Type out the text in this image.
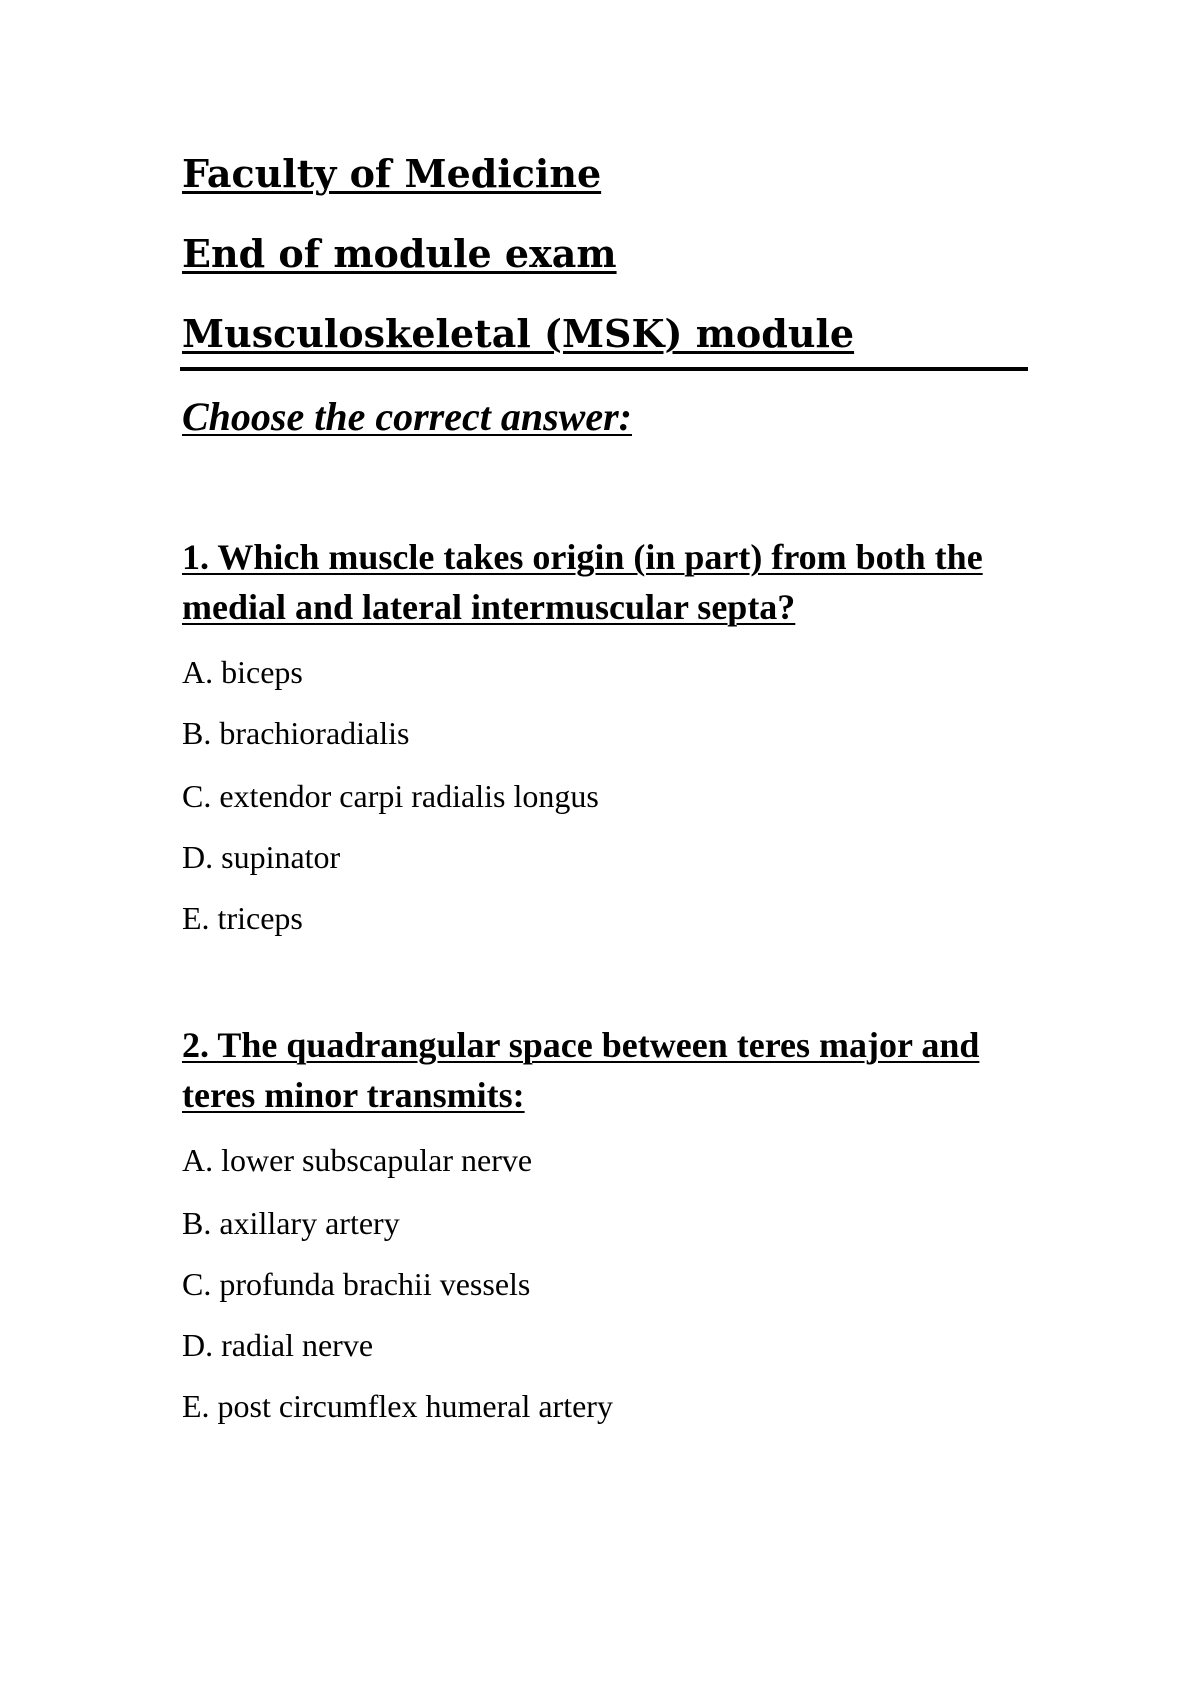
Faculty of Medicine
End of module exam
Musculoskeletal (MSK) module
Choose the correct answer:
1. Which muscle takes origin (in part) from both the medial and lateral intermuscular septa?
A. biceps
B. brachioradialis
C. extendor carpi radialis longus
D. supinator
E. triceps
2. The quadrangular space between teres major and teres minor transmits:
A. lower subscapular nerve
B. axillary artery
C. profunda brachii vessels
D. radial nerve
E. post circumflex humeral artery
